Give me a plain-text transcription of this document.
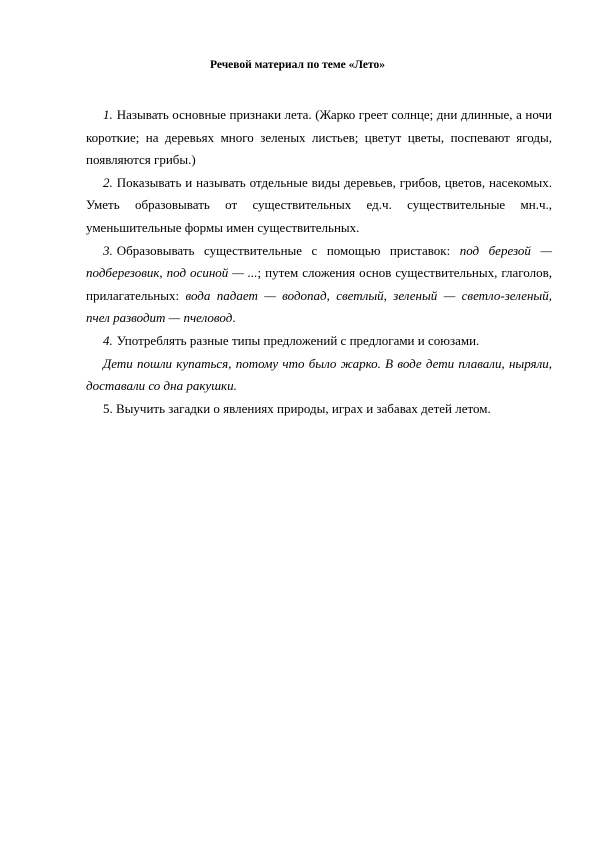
Речевой материал по теме «Лето»

1. Называть основные признаки лета. (Жарко греет солнце; дни длинные, а ночи короткие; на деревьях много зеленых листьев; цветут цветы, поспевают ягоды, появляются грибы.)

2. Показывать и называть отдельные виды деревьев, грибов, цветов, насекомых. Уметь образовывать от существительных ед.ч. существительные мн.ч., уменьшительные формы имен существительных.

3. Образовывать существительные с помощью приставок: под березой — подберезовик, под осиной — ...; путем сложения основ существительных, глаголов, прилагательных: вода падает — водопад, светлый, зеленый — светло-зеленый, пчел разводит — пчеловод.

4. Употреблять разные типы предложений с предлогами и союзами.

Дети пошли купаться, потому что было жарко. В воде дети плавали, ныряли, доставали со дна ракушки.

5. Выучить загадки о явлениях природы, играх и забавах детей летом.
